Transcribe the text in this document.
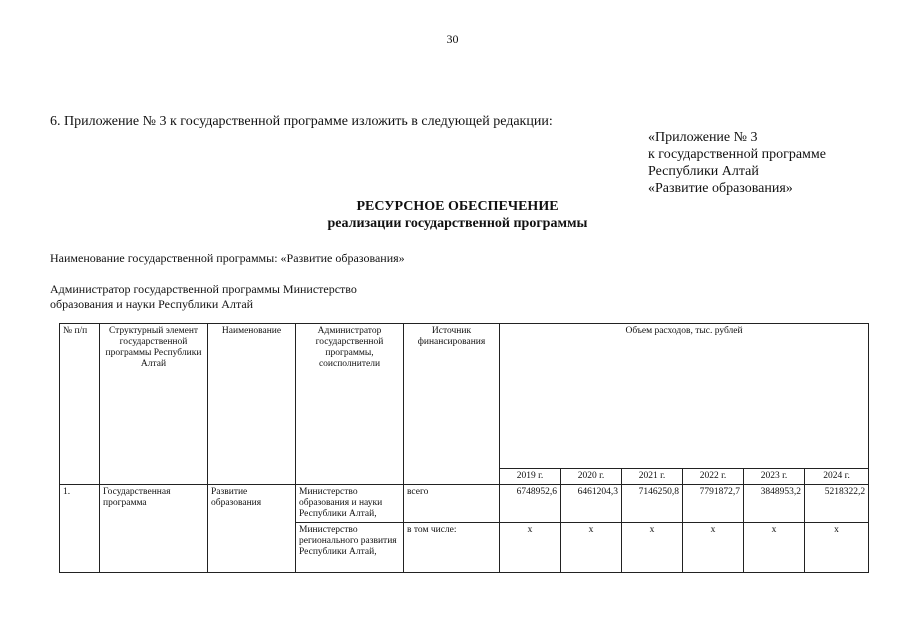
30
6. Приложение № 3 к государственной программе изложить в следующей редакции:
«Приложение № 3
к государственной программе
Республики Алтай
«Развитие образования»
РЕСУРСНОЕ ОБЕСПЕЧЕНИЕ
реализации государственной программы
Наименование государственной программы: «Развитие образования»
Администратор государственной программы Министерство образования и науки Республики Алтай
№ п/п	Структурный элемент государственной программы Республики Алтай	Наименование	Администратор государственной программы, соисполнители	Источник финансирования	Объем расходов, тыс. рублей					
					2019 г.	2020 г.	2021 г.	2022 г.	2023 г.	2024 г.
1.	Государственная программа	Развитие образования	Министерство образования и науки Республики Алтай,	всего	6748952,6	6461204,3	7146250,8	7791872,7	3848953,2	5218322,2
			Министерство регионального развития Республики Алтай,	в том числе:	х	х	х	х	х	х
